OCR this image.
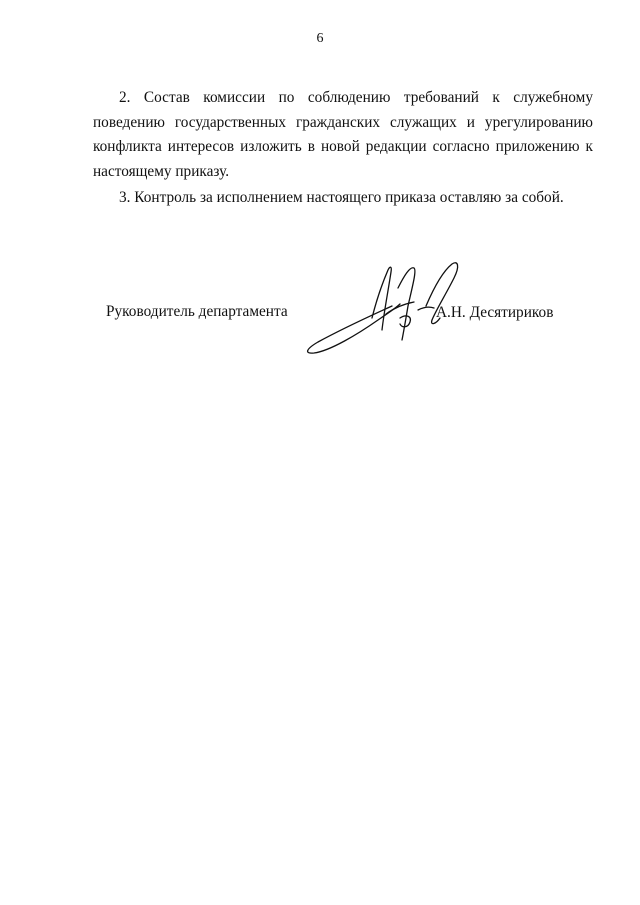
6

2. Состав комиссии по соблюдению требований к служебному поведению государственных гражданских служащих и урегулированию конфликта интересов изложить в новой редакции согласно приложению к настоящему приказу.

3. Контроль за исполнением настоящего приказа оставляю за собой.

Руководитель департамента	А.Н. Десятириков
